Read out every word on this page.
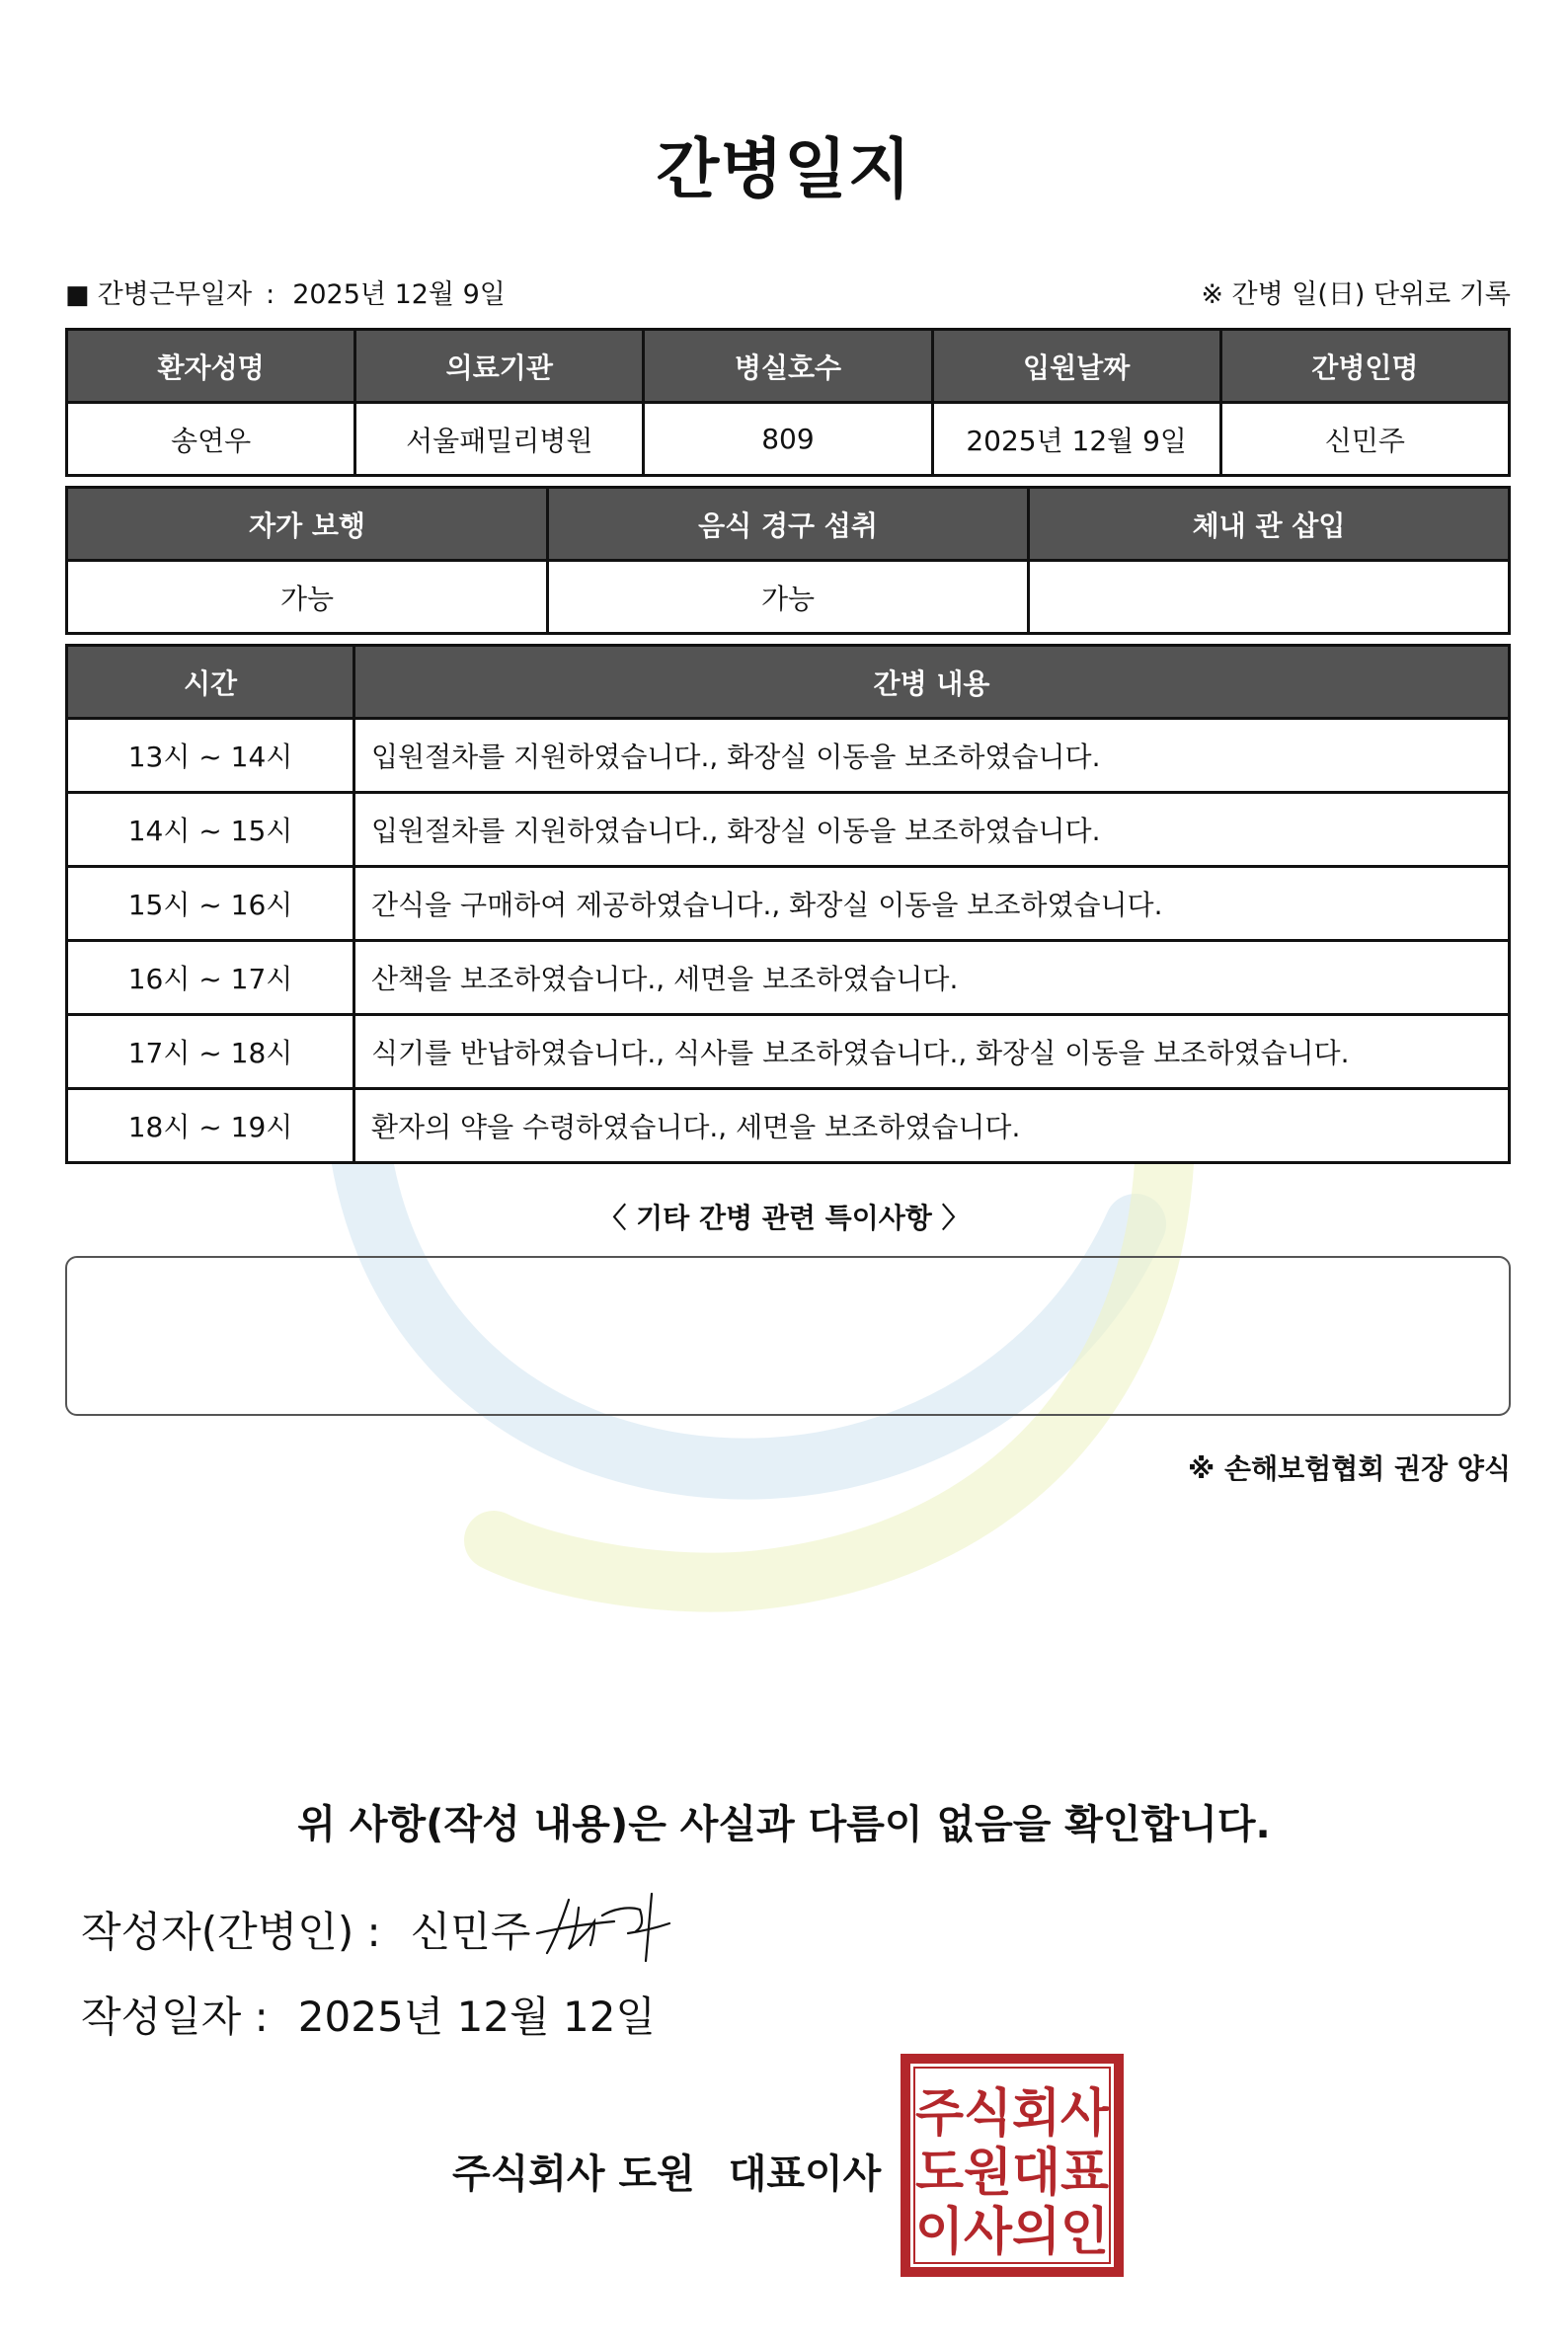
간병일지
■ 간병근무일자 : 2025년 12월 9일	※ 간병 일(日) 단위로 기록
환자성명	의료기관	병실호수	입원날짜	간병인명
송연우	서울패밀리병원	809	2025년 12월 9일	신민주
자가 보행	음식 경구 섭취	체내 관 삽입
가능	가능	
시간	간병 내용
13시 ~ 14시	입원절차를 지원하였습니다., 화장실 이동을 보조하였습니다.
14시 ~ 15시	입원절차를 지원하였습니다., 화장실 이동을 보조하였습니다.
15시 ~ 16시	간식을 구매하여 제공하였습니다., 화장실 이동을 보조하였습니다.
16시 ~ 17시	산책을 보조하였습니다., 세면을 보조하였습니다.
17시 ~ 18시	식기를 반납하였습니다., 식사를 보조하였습니다., 화장실 이동을 보조하였습니다.
18시 ~ 19시	환자의 약을 수령하였습니다., 세면을 보조하였습니다.
〈 기타 간병 관련 특이사항 〉
※ 손해보험협회 권장 양식
위 사항(작성 내용)은 사실과 다름이 없음을 확인합니다.
작성자(간병인) : 신민주
작성일자 : 2025년 12월 12일
주식회사 도원 대표이사
주식회사
도원대표
이사의인
